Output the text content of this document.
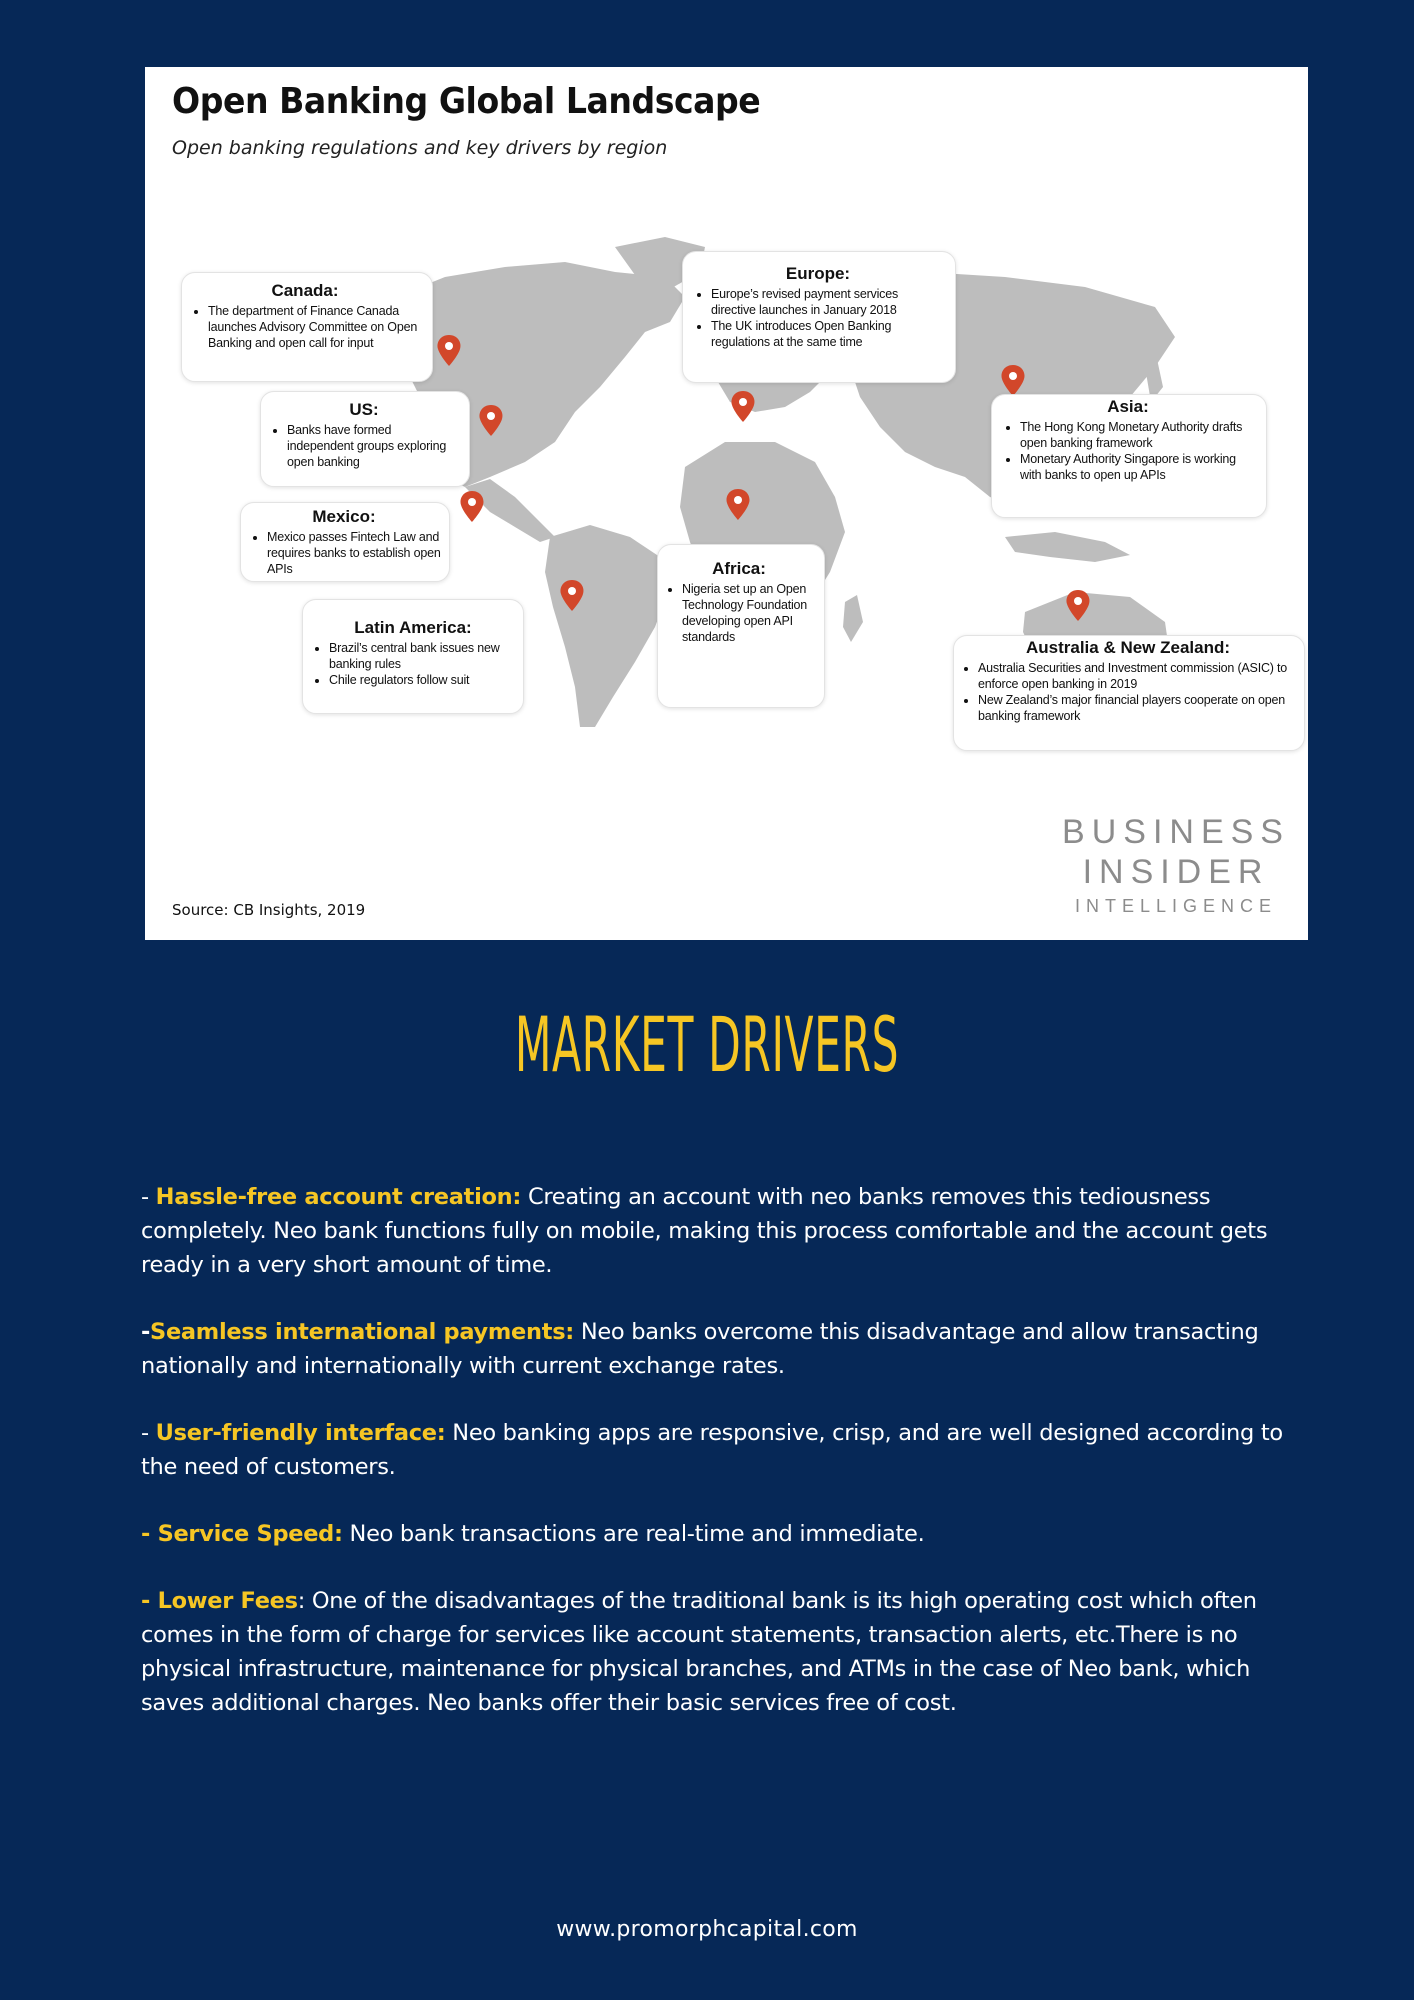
Open Banking Global Landscape
Open banking regulations and key drivers by region
Canada:
• The department of Finance Canada launches Advisory Committee on Open Banking and open call for input
US:
• Banks have formed independent groups exploring open banking
Mexico:
• Mexico passes Fintech Law and requires banks to establish open APIs
Latin America:
• Brazil’s central bank issues new banking rules
• Chile regulators follow suit
Europe:
• Europe’s revised payment services directive launches in January 2018
• The UK introduces Open Banking regulations at the same time
Africa:
• Nigeria set up an Open Technology Foundation developing open API standards
Asia:
• The Hong Kong Monetary Authority drafts open banking framework
• Monetary Authority Singapore is working with banks to open up APIs
Australia & New Zealand:
• Australia Securities and Investment commission (ASIC) to enforce open banking in 2019
• New Zealand’s major financial players cooperate on open banking framework
Source: CB Insights, 2019
BUSINESS
INSIDER
INTELLIGENCE
MARKET DRIVERS

- Hassle-free account creation: Creating an account with neo banks removes this tediousness completely. Neo bank functions fully on mobile, making this process comfortable and the account gets ready in a very short amount of time.

-Seamless international payments: Neo banks overcome this disadvantage and allow transacting nationally and internationally with current exchange rates.

- User-friendly interface: Neo banking apps are responsive, crisp, and are well designed according to the need of customers.

- Service Speed: Neo bank transactions are real-time and immediate.

- Lower Fees: One of the disadvantages of the traditional bank is its high operating cost which often comes in the form of charge for services like account statements, transaction alerts, etc.There is no physical infrastructure, maintenance for physical branches, and ATMs in the case of Neo bank, which saves additional charges. Neo banks offer their basic services free of cost.

www.promorphcapital.com
